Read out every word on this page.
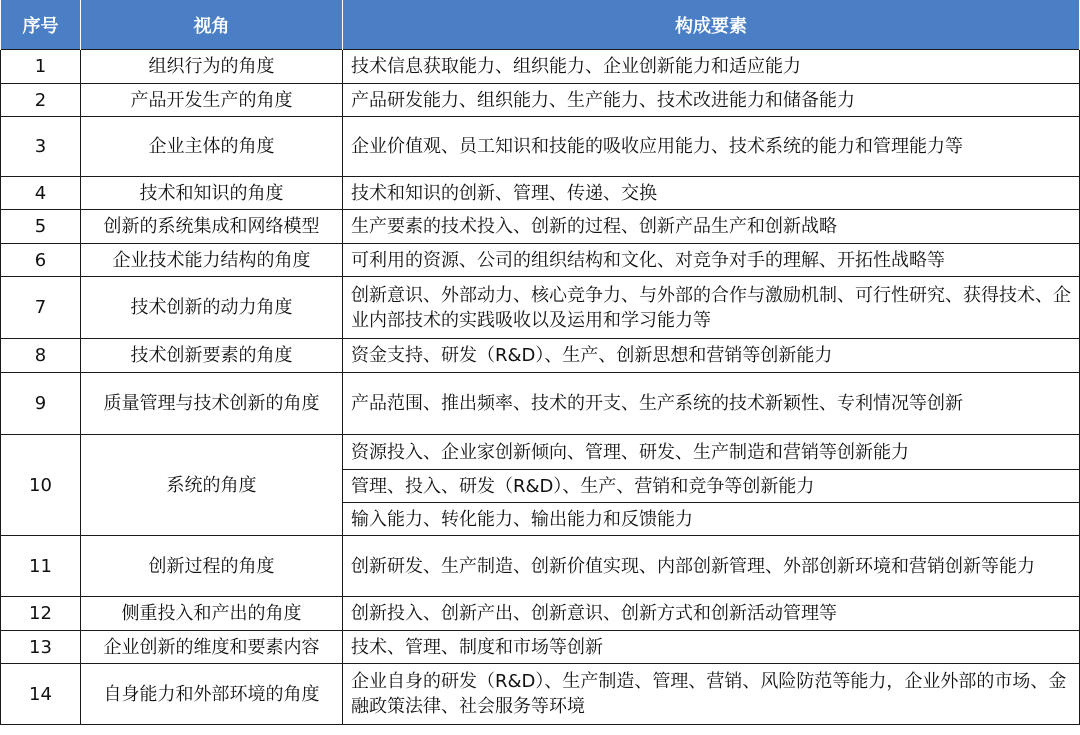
序号	视角	构成要素
1	组织行为的角度	技术信息获取能力、组织能力、企业创新能力和适应能力
2	产品开发生产的角度	产品研发能力、组织能力、生产能力、技术改进能力和储备能力
3	企业主体的角度	企业价值观、员工知识和技能的吸收应用能力、技术系统的能力和管理能力等
4	技术和知识的角度	技术和知识的创新、管理、传递、交换
5	创新的系统集成和网络模型	生产要素的技术投入、创新的过程、创新产品生产和创新战略
6	企业技术能力结构的角度	可利用的资源、公司的组织结构和文化、对竞争对手的理解、开拓性战略等
7	技术创新的动力角度	创新意识、外部动力、核心竞争力、与外部的合作与激励机制、可行性研究、获得技术、企业内部技术的实践吸收以及运用和学习能力等
8	技术创新要素的角度	资金支持、研发（R&D）、生产、创新思想和营销等创新能力
9	质量管理与技术创新的角度	产品范围、推出频率、技术的开支、生产系统的技术新颖性、专利情况等创新
10	系统的角度	资源投入、企业家创新倾向、管理、研发、生产制造和营销等创新能力
		管理、投入、研发（R&D）、生产、营销和竞争等创新能力
		输入能力、转化能力、输出能力和反馈能力
11	创新过程的角度	创新研发、生产制造、创新价值实现、内部创新管理、外部创新环境和营销创新等能力
12	侧重投入和产出的角度	创新投入、创新产出、创新意识、创新方式和创新活动管理等
13	企业创新的维度和要素内容	技术、管理、制度和市场等创新
14	自身能力和外部环境的角度	企业自身的研发（R&D）、生产制造、管理、营销、风险防范等能力，企业外部的市场、金融政策法律、社会服务等环境
